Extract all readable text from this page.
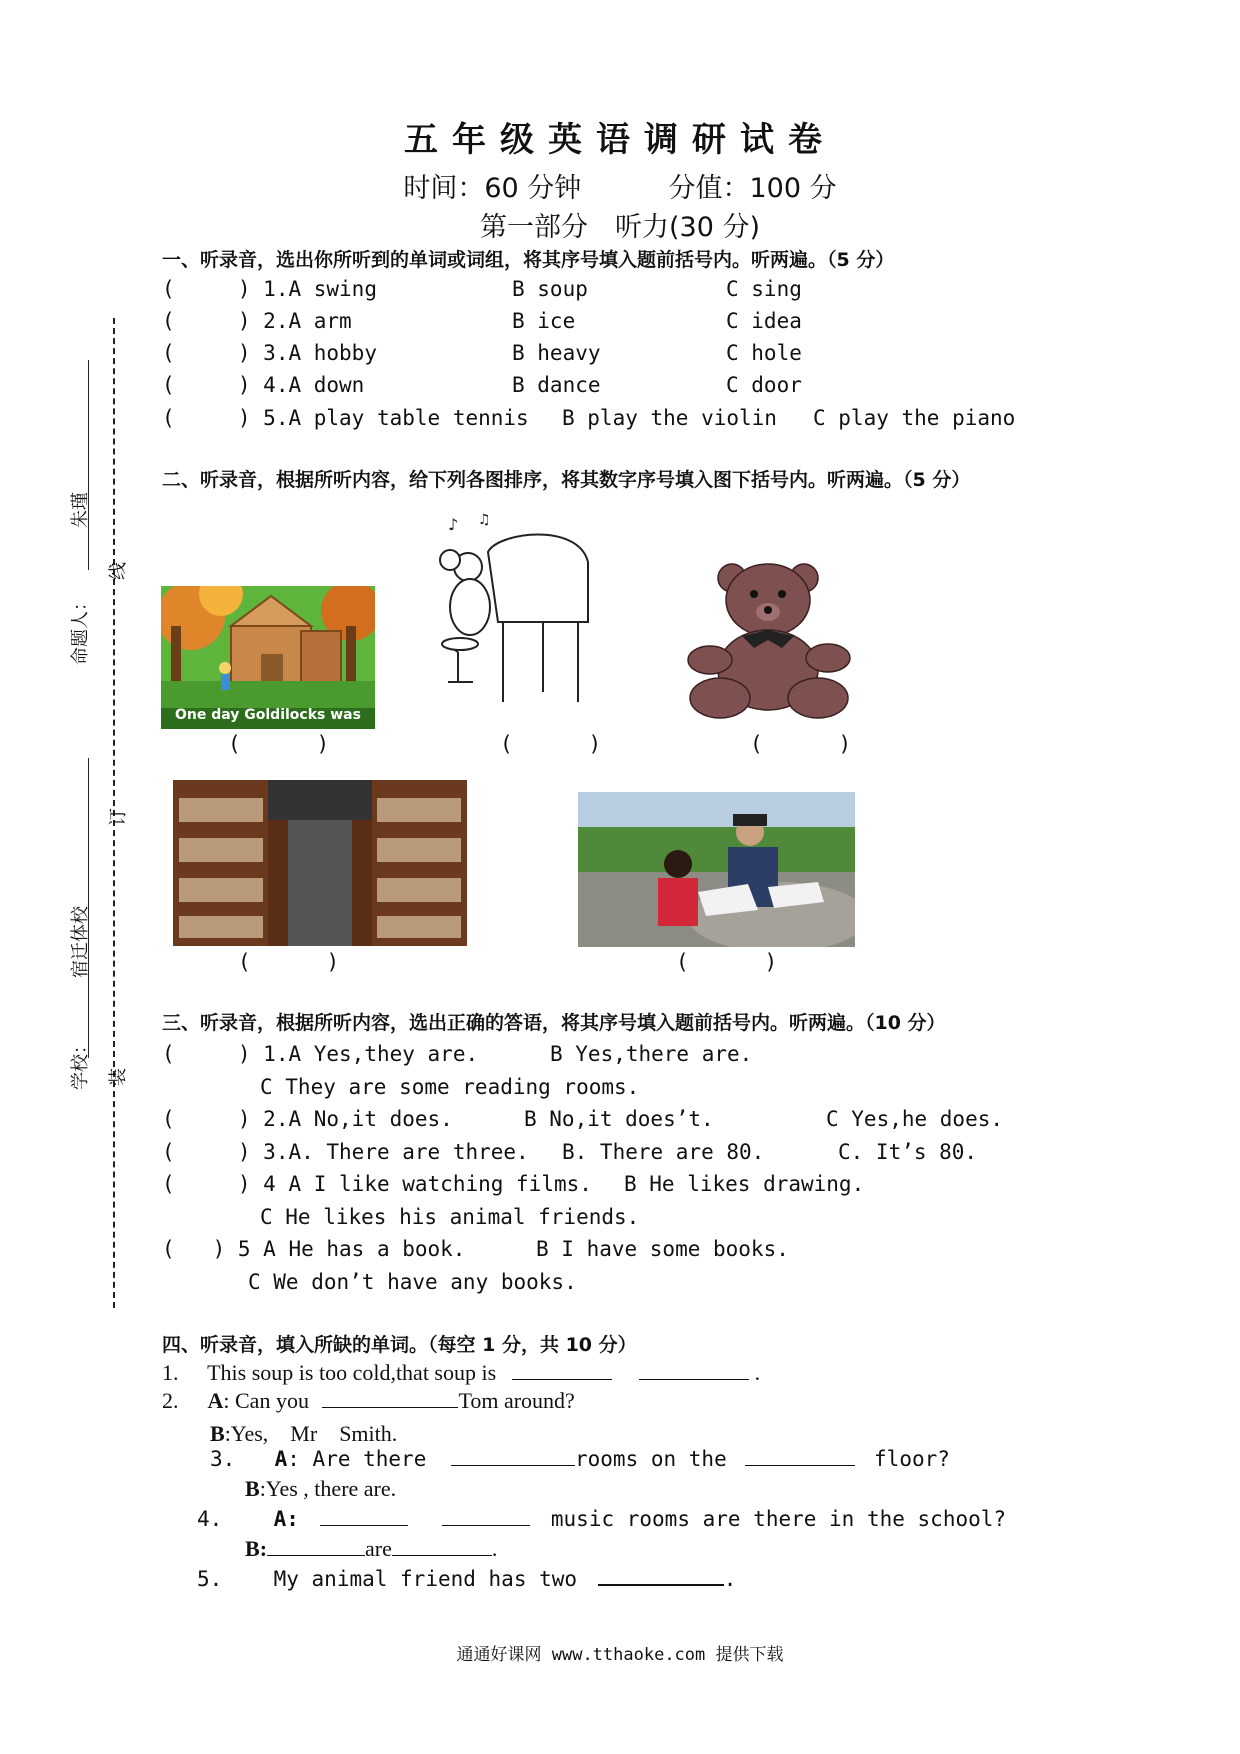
五年级英语调研试卷
时间：60 分钟	分值：100 分
第一部分　听力(30 分)
命题人：
朱瑾
学校：
宿迁体校
线
订
装
一、听录音，选出你所听到的单词或词组，将其序号填入题前括号内。听两遍。（5 分）
(     ) 1.A swing	B soup	C sing
(     ) 2.A arm	B ice	C idea
(     ) 3.A hobby	B heavy	C hole
(     ) 4.A down	B dance	C door
(     ) 5.A play table tennis B play the violin C play the piano
二、听录音，根据所听内容，给下列各图排序，将其数字序号填入图下括号内。听两遍。（5 分）
One day Goldilocks was
(      )
♪ ♫
(      )	(      )
(      )	(      )
三、听录音，根据所听内容，选出正确的答语，将其序号填入题前括号内。听两遍。（10 分）
(     ) 1.A Yes,they are.	B Yes,there are.
C They are some reading rooms.
(     ) 2.A No,it does.	B No,it does’t.	C Yes,he does.
(     ) 3.A. There are three. B. There are 80.	C. It’s 80.
(     ) 4 A I like watching films. B He likes drawing.
C He likes his animal friends.
(   ) 5 A He has a book.	B I have some books.
C We don’t have any books.
四、听录音，填入所缺的单词。（每空 1 分，共 10 分）
1. This soup is too cold,that soup is	.
2. A: Can you	Tom around?
B:Yes,　Mr　Smith.
3. A: Are there	rooms on the	floor?
B:Yes , there are.
4. A:	music rooms are there in the school?
B:	are	.
5. My animal friend has two	.
通通好课网 www.tthaoke.com 提供下载
